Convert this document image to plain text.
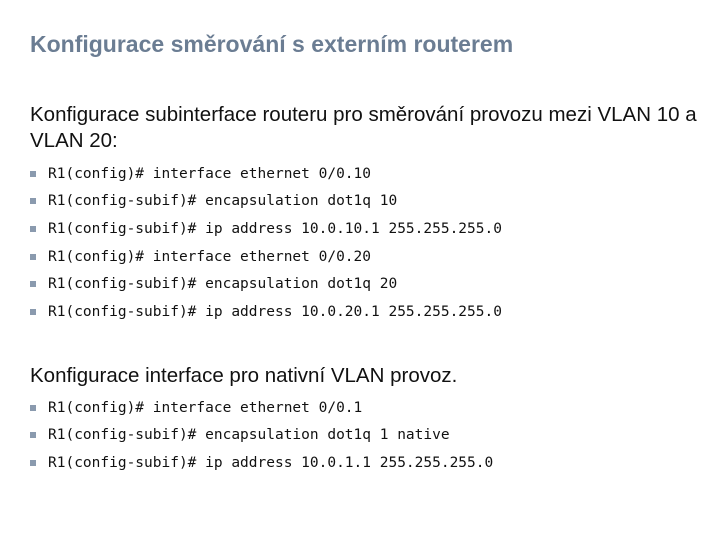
Konfigurace směrování s externím routerem
Konfigurace subinterface routeru pro směrování provozu mezi VLAN 10 a VLAN 20:
R1(config)# interface ethernet 0/0.10
R1(config-subif)# encapsulation dot1q 10
R1(config-subif)# ip address 10.0.10.1 255.255.255.0
R1(config)# interface ethernet 0/0.20
R1(config-subif)# encapsulation dot1q 20
R1(config-subif)# ip address 10.0.20.1 255.255.255.0
Konfigurace interface pro nativní VLAN provoz.
R1(config)# interface ethernet 0/0.1
R1(config-subif)# encapsulation dot1q 1 native
R1(config-subif)# ip address 10.0.1.1 255.255.255.0
